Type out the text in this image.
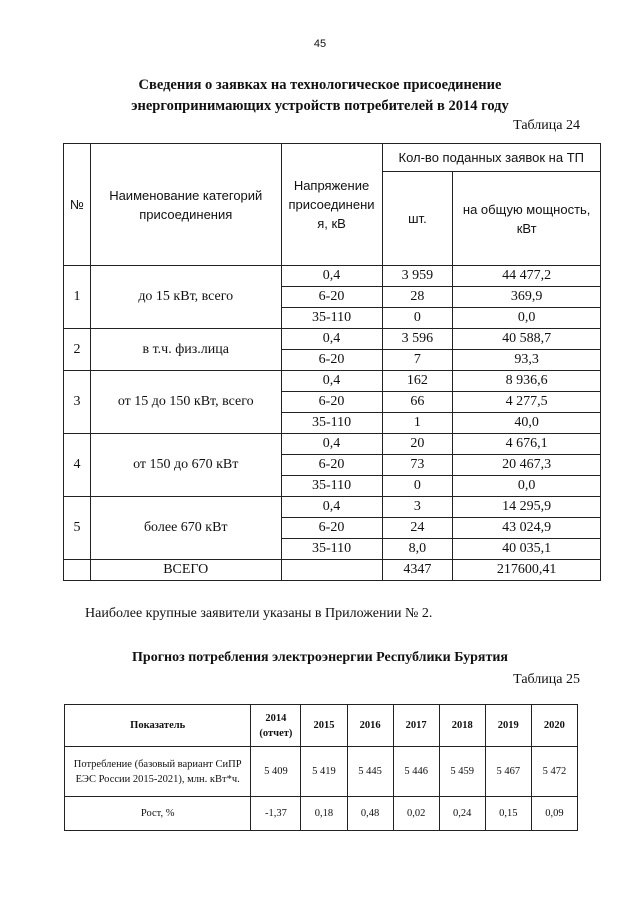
45
Сведения о заявках на технологическое присоединение
энергопринимающих устройств потребителей в 2014 году
Таблица 24
№	Наименование категорий присоединения	Напряжение присоединени я, кВ	Кол-во поданных заявок на ТП	
			шт.	на общую мощность, кВт
1	до 15 кВт, всего	0,4	3 959	44 477,2
		6-20	28	369,9
		35-110	0	0,0
2	в т.ч. физ.лица	0,4	3 596	40 588,7
		6-20	7	93,3
3	от 15 до 150 кВт, всего	0,4	162	8 936,6
		6-20	66	4 277,5
		35-110	1	40,0
4	от 150 до 670 кВт	0,4	20	4 676,1
		6-20	73	20 467,3
		35-110	0	0,0
5	более 670 кВт	0,4	3	14 295,9
		6-20	24	43 024,9
		35-110	8,0	40 035,1
	ВСЕГО		4347	217600,41
Наиболее крупные заявители указаны в Приложении № 2.
Прогноз потребления электроэнергии Республики Бурятия
Таблица 25
Показатель	2014 (отчет)	2015	2016	2017	2018	2019	2020
Потребление (базовый вариант СиПР ЕЭС России 2015-2021), млн. кВт*ч.	5 409	5 419	5 445	5 446	5 459	5 467	5 472
Рост, %	-1,37	0,18	0,48	0,02	0,24	0,15	0,09
